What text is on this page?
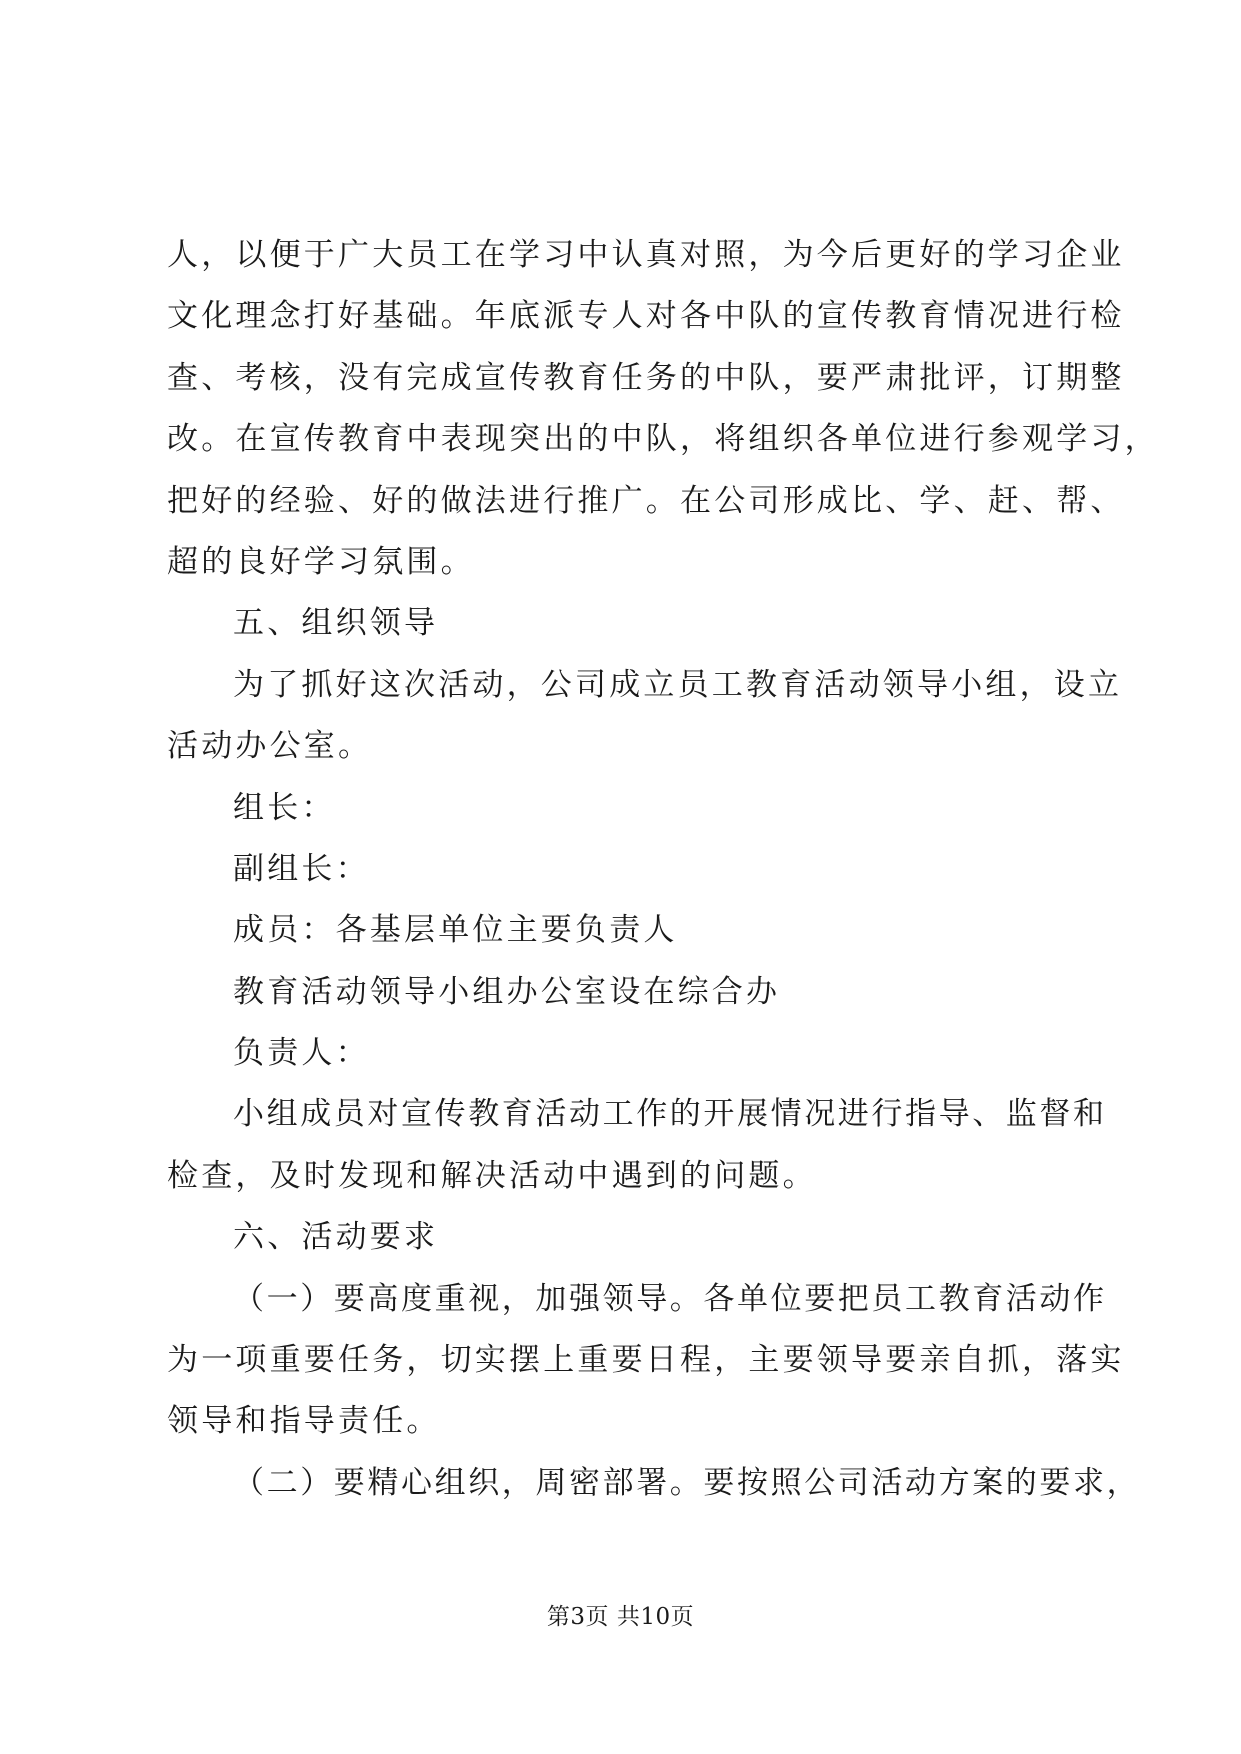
人，以便于广大员工在学习中认真对照，为今后更好的学习企业
文化理念打好基础。年底派专人对各中队的宣传教育情况进行检
查、考核，没有完成宣传教育任务的中队，要严肃批评，订期整
改。在宣传教育中表现突出的中队，将组织各单位进行参观学习，
把好的经验、好的做法进行推广。在公司形成比、学、赶、帮、
超的良好学习氛围。
五、组织领导
为了抓好这次活动，公司成立员工教育活动领导小组，设立
活动办公室。
组长：
副组长：
成员：各基层单位主要负责人
教育活动领导小组办公室设在综合办
负责人：
小组成员对宣传教育活动工作的开展情况进行指导、监督和
检查，及时发现和解决活动中遇到的问题。
六、活动要求
（一）要高度重视，加强领导。各单位要把员工教育活动作
为一项重要任务，切实摆上重要日程，主要领导要亲自抓，落实
领导和指导责任。
（二）要精心组织，周密部署。要按照公司活动方案的要求，
第3页 共10页
